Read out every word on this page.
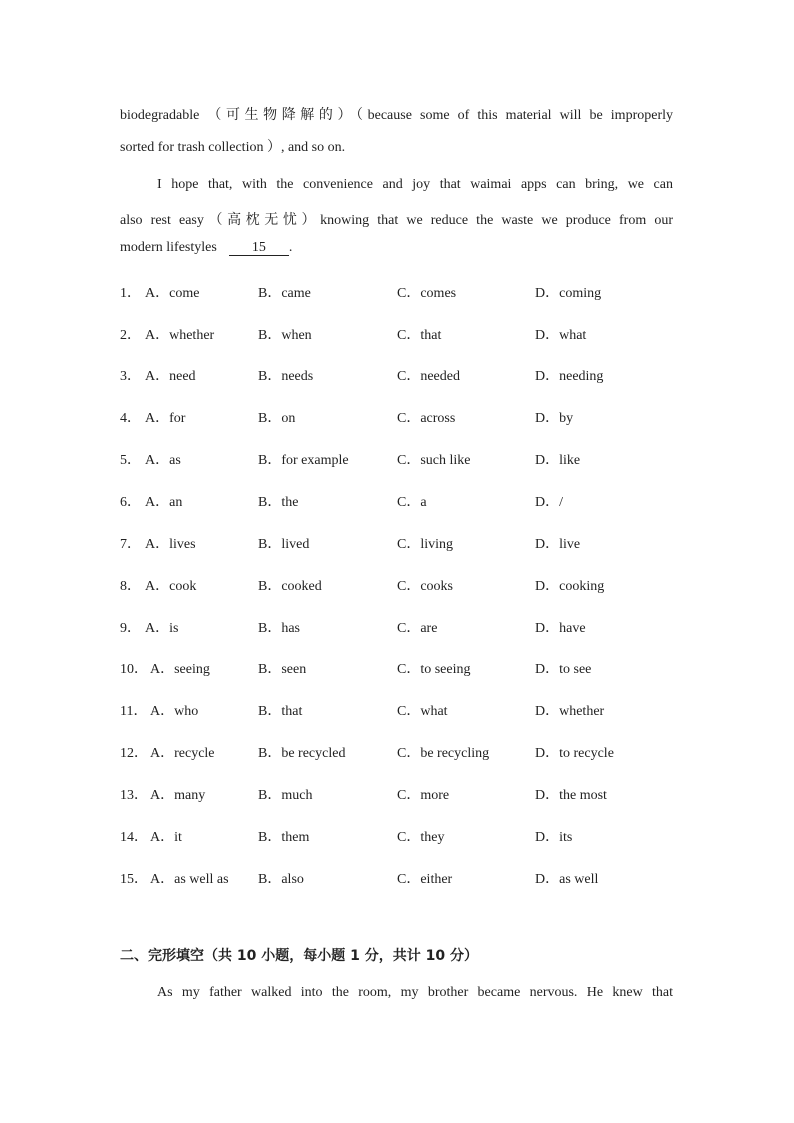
biodegradable （可生物降解的）（because some of this material will be improperly
sorted for trash collection ）, and so on.
I hope that, with the convenience and joy that waimai apps can bring, we can
also rest easy（高枕无忧）knowing that we reduce the waste we produce from our
modern lifestyles	15 .
1． A．come	B．came	C．comes	D．coming
2． A．whether	B．when	C．that	D．what
3． A．need	B．needs	C．needed	D．needing
4． A．for	B．on	C．across	D．by
5． A．as	B．for example	C．such like	D．like
6． A．an	B．the	C．a	D．/
7． A．lives	B．lived	C．living	D．live
8． A．cook	B．cooked	C．cooks	D．cooking
9． A．is	B．has	C．are	D．have
10． A．seeing	B．seen	C．to seeing	D．to see
11． A．who	B．that	C．what	D．whether
12． A．recycle	B．be recycled	C．be recycling	D．to recycle
13． A．many	B．much	C．more	D．the most
14． A．it	B．them	C．they	D．its
15． A．as well as B．also	C．either	D．as well
二、完形填空（共 10 小题，每小题 1 分，共计 10 分）
As my father walked into the room, my brother became nervous. He knew that
